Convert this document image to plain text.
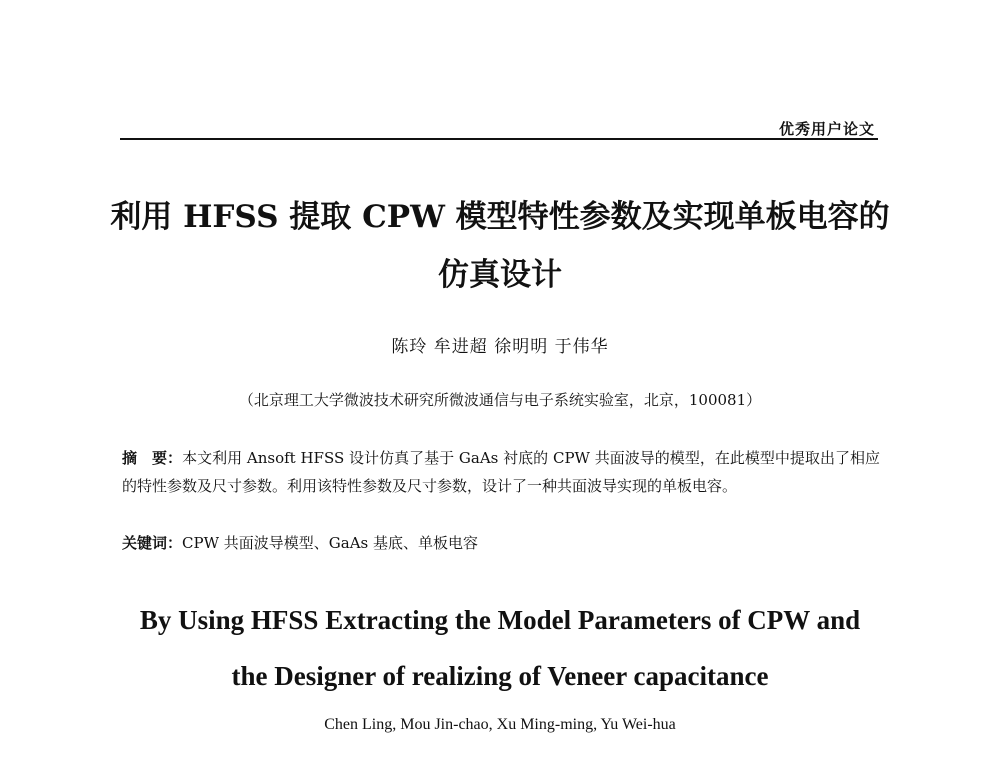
优秀用户论文
利用 HFSS 提取 CPW 模型特性参数及实现单板电容的仿真设计
陈玲 牟进超 徐明明 于伟华
（北京理工大学微波技术研究所微波通信与电子系统实验室，北京，100081）
摘　要：本文利用 Ansoft HFSS 设计仿真了基于 GaAs 衬底的 CPW 共面波导的模型，在此模型中提取出了相应的特性参数及尺寸参数。利用该特性参数及尺寸参数，设计了一种共面波导实现的单板电容。
关键词：CPW 共面波导模型、GaAs 基底、单板电容
By Using HFSS Extracting the Model Parameters of CPW and
the Designer of realizing of Veneer capacitance
Chen Ling, Mou Jin-chao, Xu Ming-ming, Yu Wei-hua
